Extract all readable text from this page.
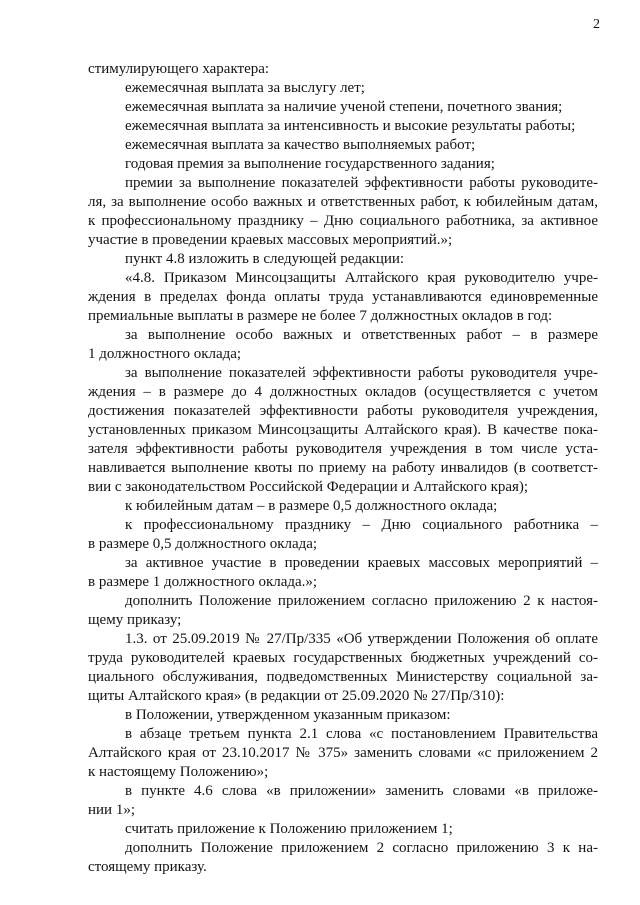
2
стимулирующего характера:
ежемесячная выплата за выслугу лет;
ежемесячная выплата за наличие ученой степени, почетного звания;
ежемесячная выплата за интенсивность и высокие результаты работы;
ежемесячная выплата за качество выполняемых работ;
годовая премия за выполнение государственного задания;
премии за выполнение показателей эффективности работы руководите-
ля, за выполнение особо важных и ответственных работ, к юбилейным датам,
к профессиональному празднику – Дню социального работника, за активное
участие в проведении краевых массовых мероприятий.»;
пункт 4.8 изложить в следующей редакции:
«4.8. Приказом Минсоцзащиты Алтайского края руководителю учре-
ждения в пределах фонда оплаты труда устанавливаются единовременные
премиальные выплаты в размере не более 7 должностных окладов в год:
за выполнение особо важных и ответственных работ – в размере
1 должностного оклада;
за выполнение показателей эффективности работы руководителя учре-
ждения – в размере до 4 должностных окладов (осуществляется с учетом
достижения показателей эффективности работы руководителя учреждения,
установленных приказом Минсоцзащиты Алтайского края). В качестве пока-
зателя эффективности работы руководителя учреждения в том числе уста-
навливается выполнение квоты по приему на работу инвалидов (в соответст-
вии с законодательством Российской Федерации и Алтайского края);
к юбилейным датам – в размере 0,5 должностного оклада;
к профессиональному празднику – Дню социального работника –
в размере 0,5 должностного оклада;
за активное участие в проведении краевых массовых мероприятий –
в размере 1 должностного оклада.»;
дополнить Положение приложением согласно приложению 2 к настоя-
щему приказу;
1.3. от 25.09.2019 № 27/Пр/335 «Об утверждении Положения об оплате
труда руководителей краевых государственных бюджетных учреждений со-
циального обслуживания, подведомственных Министерству социальной за-
щиты Алтайского края» (в редакции от 25.09.2020 № 27/Пр/310):
в Положении, утвержденном указанным приказом:
в абзаце третьем пункта 2.1 слова «с постановлением Правительства
Алтайского края от 23.10.2017 № 375» заменить словами «с приложением 2
к настоящему Положению»;
в пункте 4.6 слова «в приложении» заменить словами «в приложе-
нии 1»;
считать приложение к Положению приложением 1;
дополнить Положение приложением 2 согласно приложению 3 к на-
стоящему приказу.
